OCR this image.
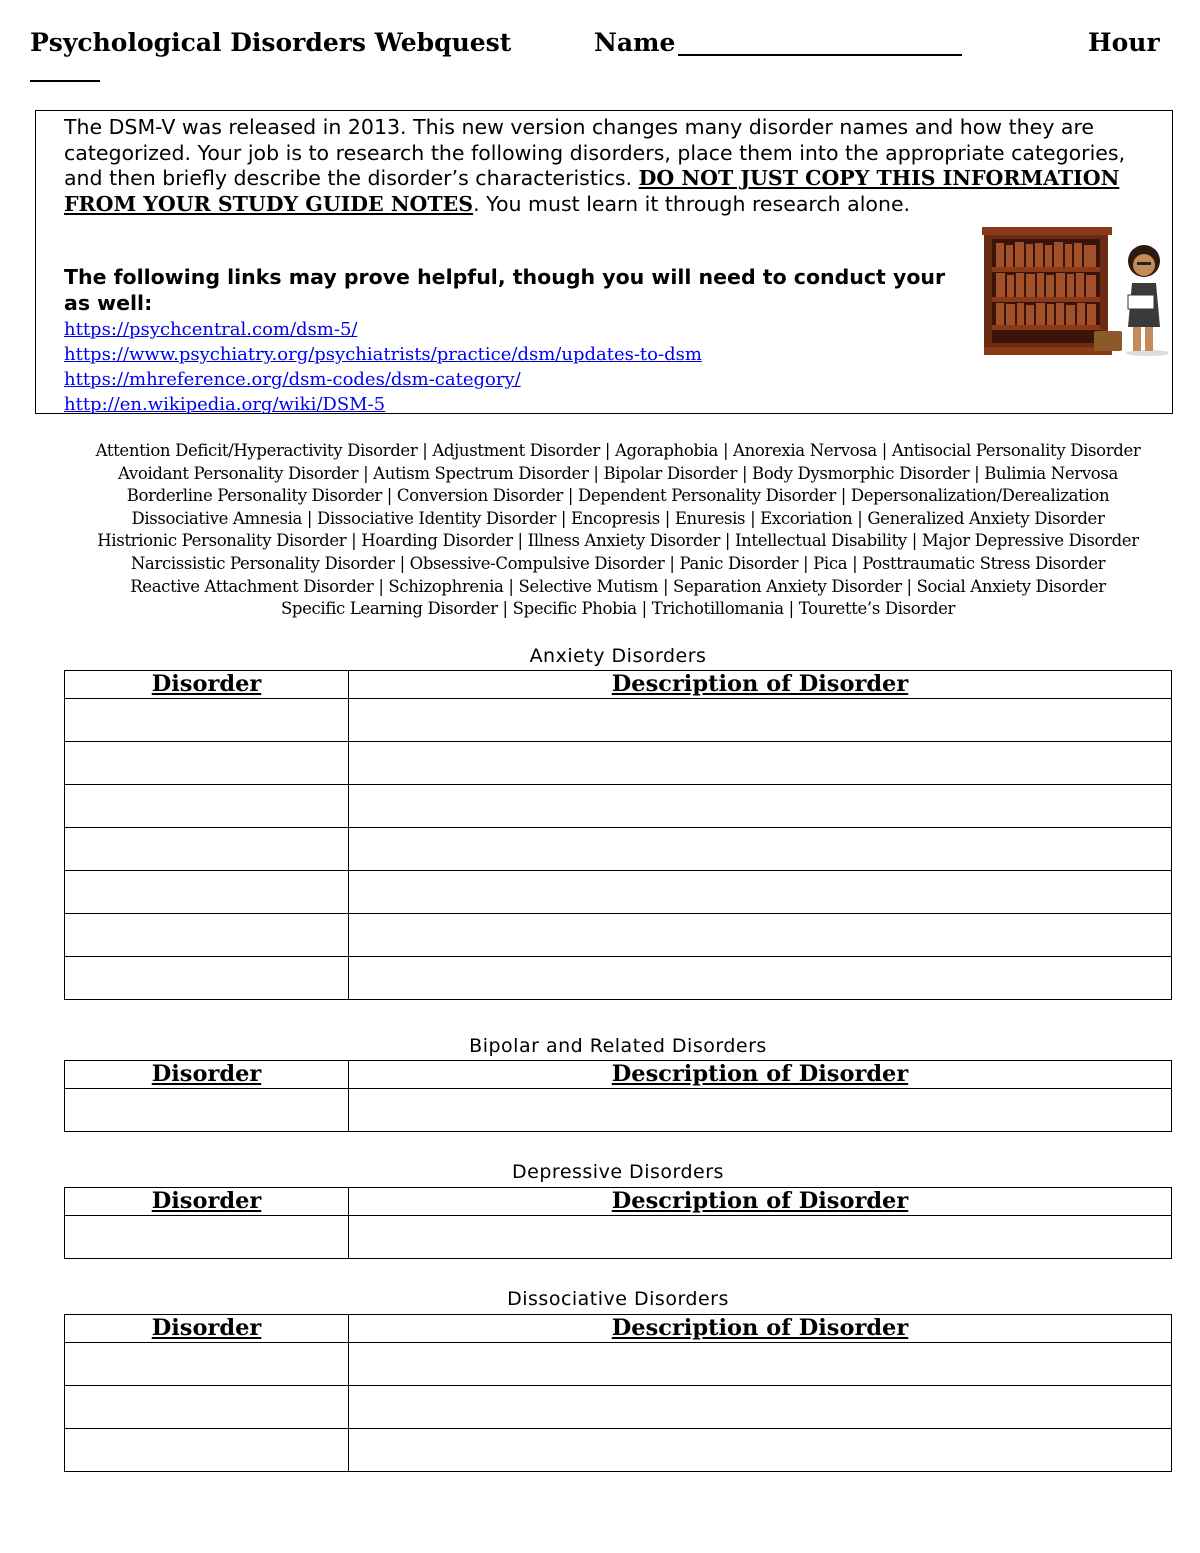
Psychological Disorders Webquest	Name	Hour
The DSM-V was released in 2013. This new version changes many disorder names and how they are categorized. Your job is to research the following disorders, place them into the appropriate categories, and then briefly describe the disorder’s characteristics. DO NOT JUST COPY THIS INFORMATION FROM YOUR STUDY GUIDE NOTES. You must learn it through research alone.
The following links may prove helpful, though you will need to conduct your
as well:
https://psychcentral.com/dsm-5/
https://www.psychiatry.org/psychiatrists/practice/dsm/updates-to-dsm
https://mhreference.org/dsm-codes/dsm-category/
http://en.wikipedia.org/wiki/DSM-5
Attention Deficit/Hyperactivity Disorder | Adjustment Disorder | Agoraphobia | Anorexia Nervosa | Antisocial Personality Disorder
Avoidant Personality Disorder | Autism Spectrum Disorder | Bipolar Disorder | Body Dysmorphic Disorder | Bulimia Nervosa
Borderline Personality Disorder | Conversion Disorder | Dependent Personality Disorder | Depersonalization/Derealization
Dissociative Amnesia | Dissociative Identity Disorder | Encopresis | Enuresis | Excoriation | Generalized Anxiety Disorder
Histrionic Personality Disorder | Hoarding Disorder | Illness Anxiety Disorder | Intellectual Disability | Major Depressive Disorder
Narcissistic Personality Disorder | Obsessive-Compulsive Disorder | Panic Disorder | Pica | Posttraumatic Stress Disorder
Reactive Attachment Disorder | Schizophrenia | Selective Mutism | Separation Anxiety Disorder | Social Anxiety Disorder
Specific Learning Disorder | Specific Phobia | Trichotillomania | Tourette’s Disorder
Anxiety Disorders
Disorder	Description of Disorder

Bipolar and Related Disorders
Disorder	Description of Disorder

Depressive Disorders
Disorder	Description of Disorder

Dissociative Disorders
Disorder	Description of Disorder
